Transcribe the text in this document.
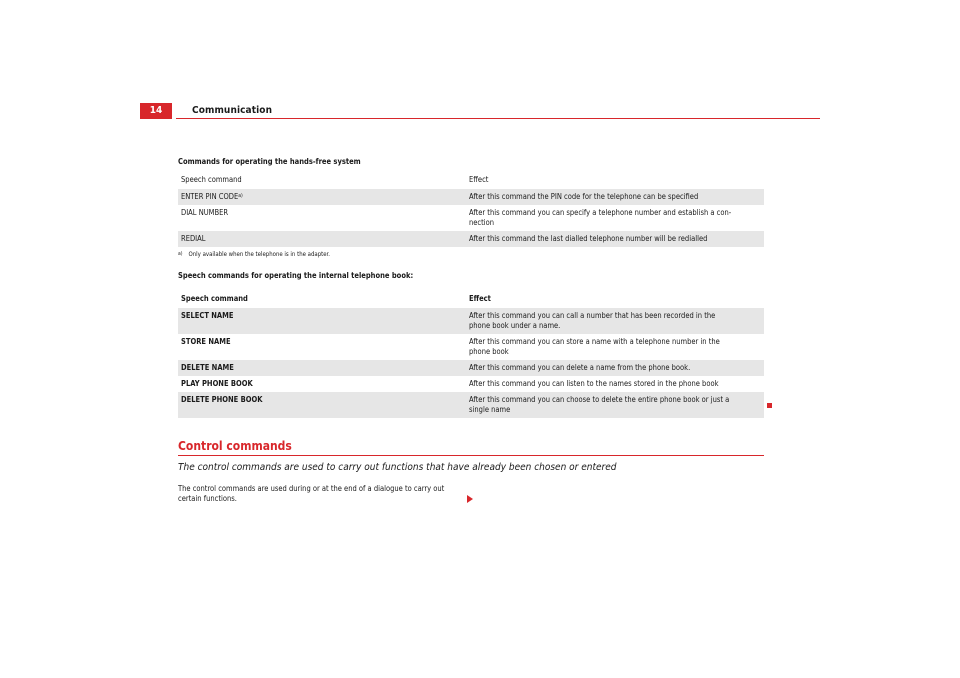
14	Communication
Commands for operating the hands-free system
Speech command	Effect
ENTER PIN CODE$^{a)}$	After this command the PIN code for the telephone can be specified
DIAL NUMBER	After this command you can specify a telephone number and establish a con-
nection
REDIAL	After this command the last dialled telephone number will be redialled
$^{a)}$ Only available when the telephone is in the adapter.
Speech commands for operating the internal telephone book:
Speech command	Effect
SELECT NAME	After this command you can call a number that has been recorded in the
phone book under a name.
STORE NAME	After this command you can store a name with a telephone number in the
phone book
DELETE NAME	After this command you can delete a name from the phone book.
PLAY PHONE BOOK	After this command you can listen to the names stored in the phone book
DELETE PHONE BOOK	After this command you can choose to delete the entire phone book or just a
single name
Control commands
The control commands are used to carry out functions that have already been chosen or entered
The control commands are used during or at the end of a dialogue to carry out
certain functions.
